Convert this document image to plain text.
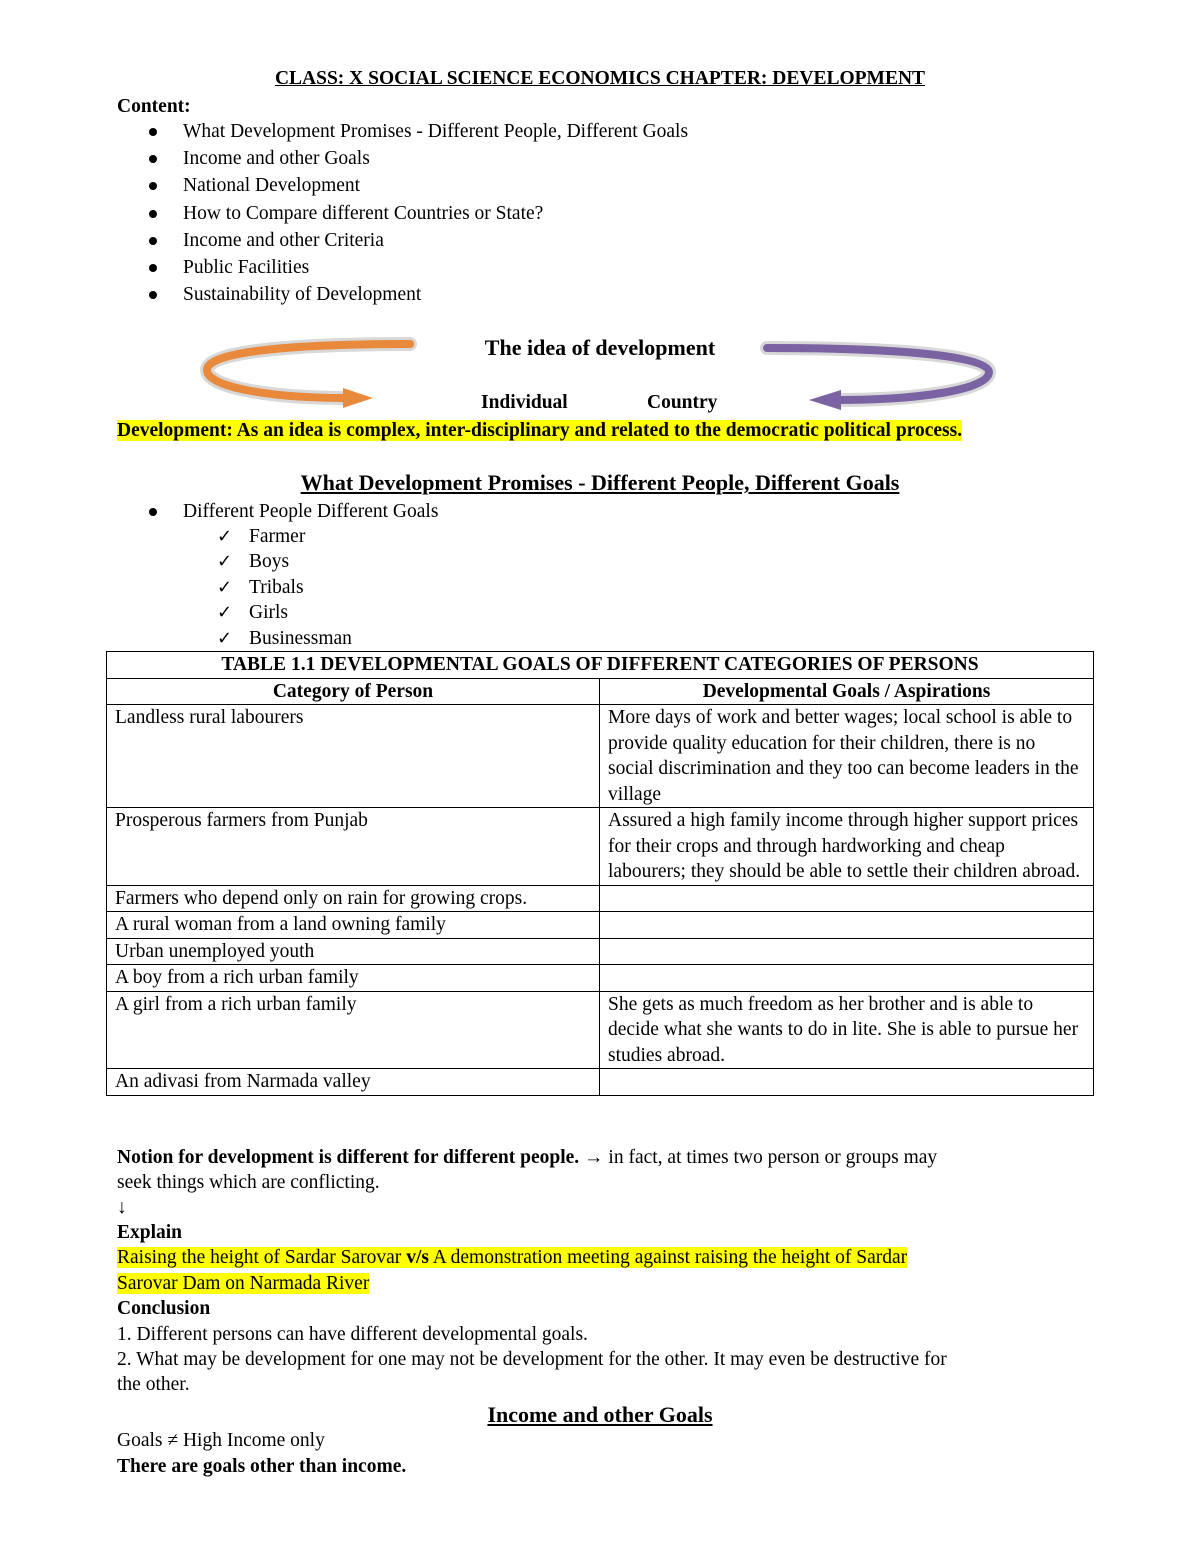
CLASS: X SOCIAL SCIENCE ECONOMICS CHAPTER: DEVELOPMENT
Content:
What Development Promises - Different People, Different Goals
Income and other Goals
National Development
How to Compare different Countries or State?
Income and other Criteria
Public Facilities
Sustainability of Development
The idea of development
Individual	Country
Development: As an idea is complex, inter-disciplinary and related to the democratic political process.
What Development Promises - Different People, Different Goals
Different People Different Goals
✓ Farmer
✓ Boys
✓ Tribals
✓ Girls
✓ Businessman
TABLE 1.1 DEVELOPMENTAL GOALS OF DIFFERENT CATEGORIES OF PERSONS	
Category of Person	Developmental Goals / Aspirations
Landless rural labourers	More days of work and better wages; local school is able to provide quality education for their children, there is no social discrimination and they too can become leaders in the village
Prosperous farmers from Punjab	Assured a high family income through higher support prices for their crops and through hardworking and cheap labourers; they should be able to settle their children abroad.
Farmers who depend only on rain for growing crops.	
A rural woman from a land owning family	
Urban unemployed youth	
A boy from a rich urban family	
A girl from a rich urban family	She gets as much freedom as her brother and is able to decide what she wants to do in lite. She is able to pursue her studies abroad.
An adivasi from Narmada valley	
Notion for development is different for different people. → in fact, at times two person or groups may
seek things which are conflicting.
↓
Explain
Raising the height of Sardar Sarovar v/s A demonstration meeting against raising the height of Sardar
Sarovar Dam on Narmada River
Conclusion
1. Different persons can have different developmental goals.
2. What may be development for one may not be development for the other. It may even be destructive for
the other.
Income and other Goals
Goals ≠ High Income only
There are goals other than income.
